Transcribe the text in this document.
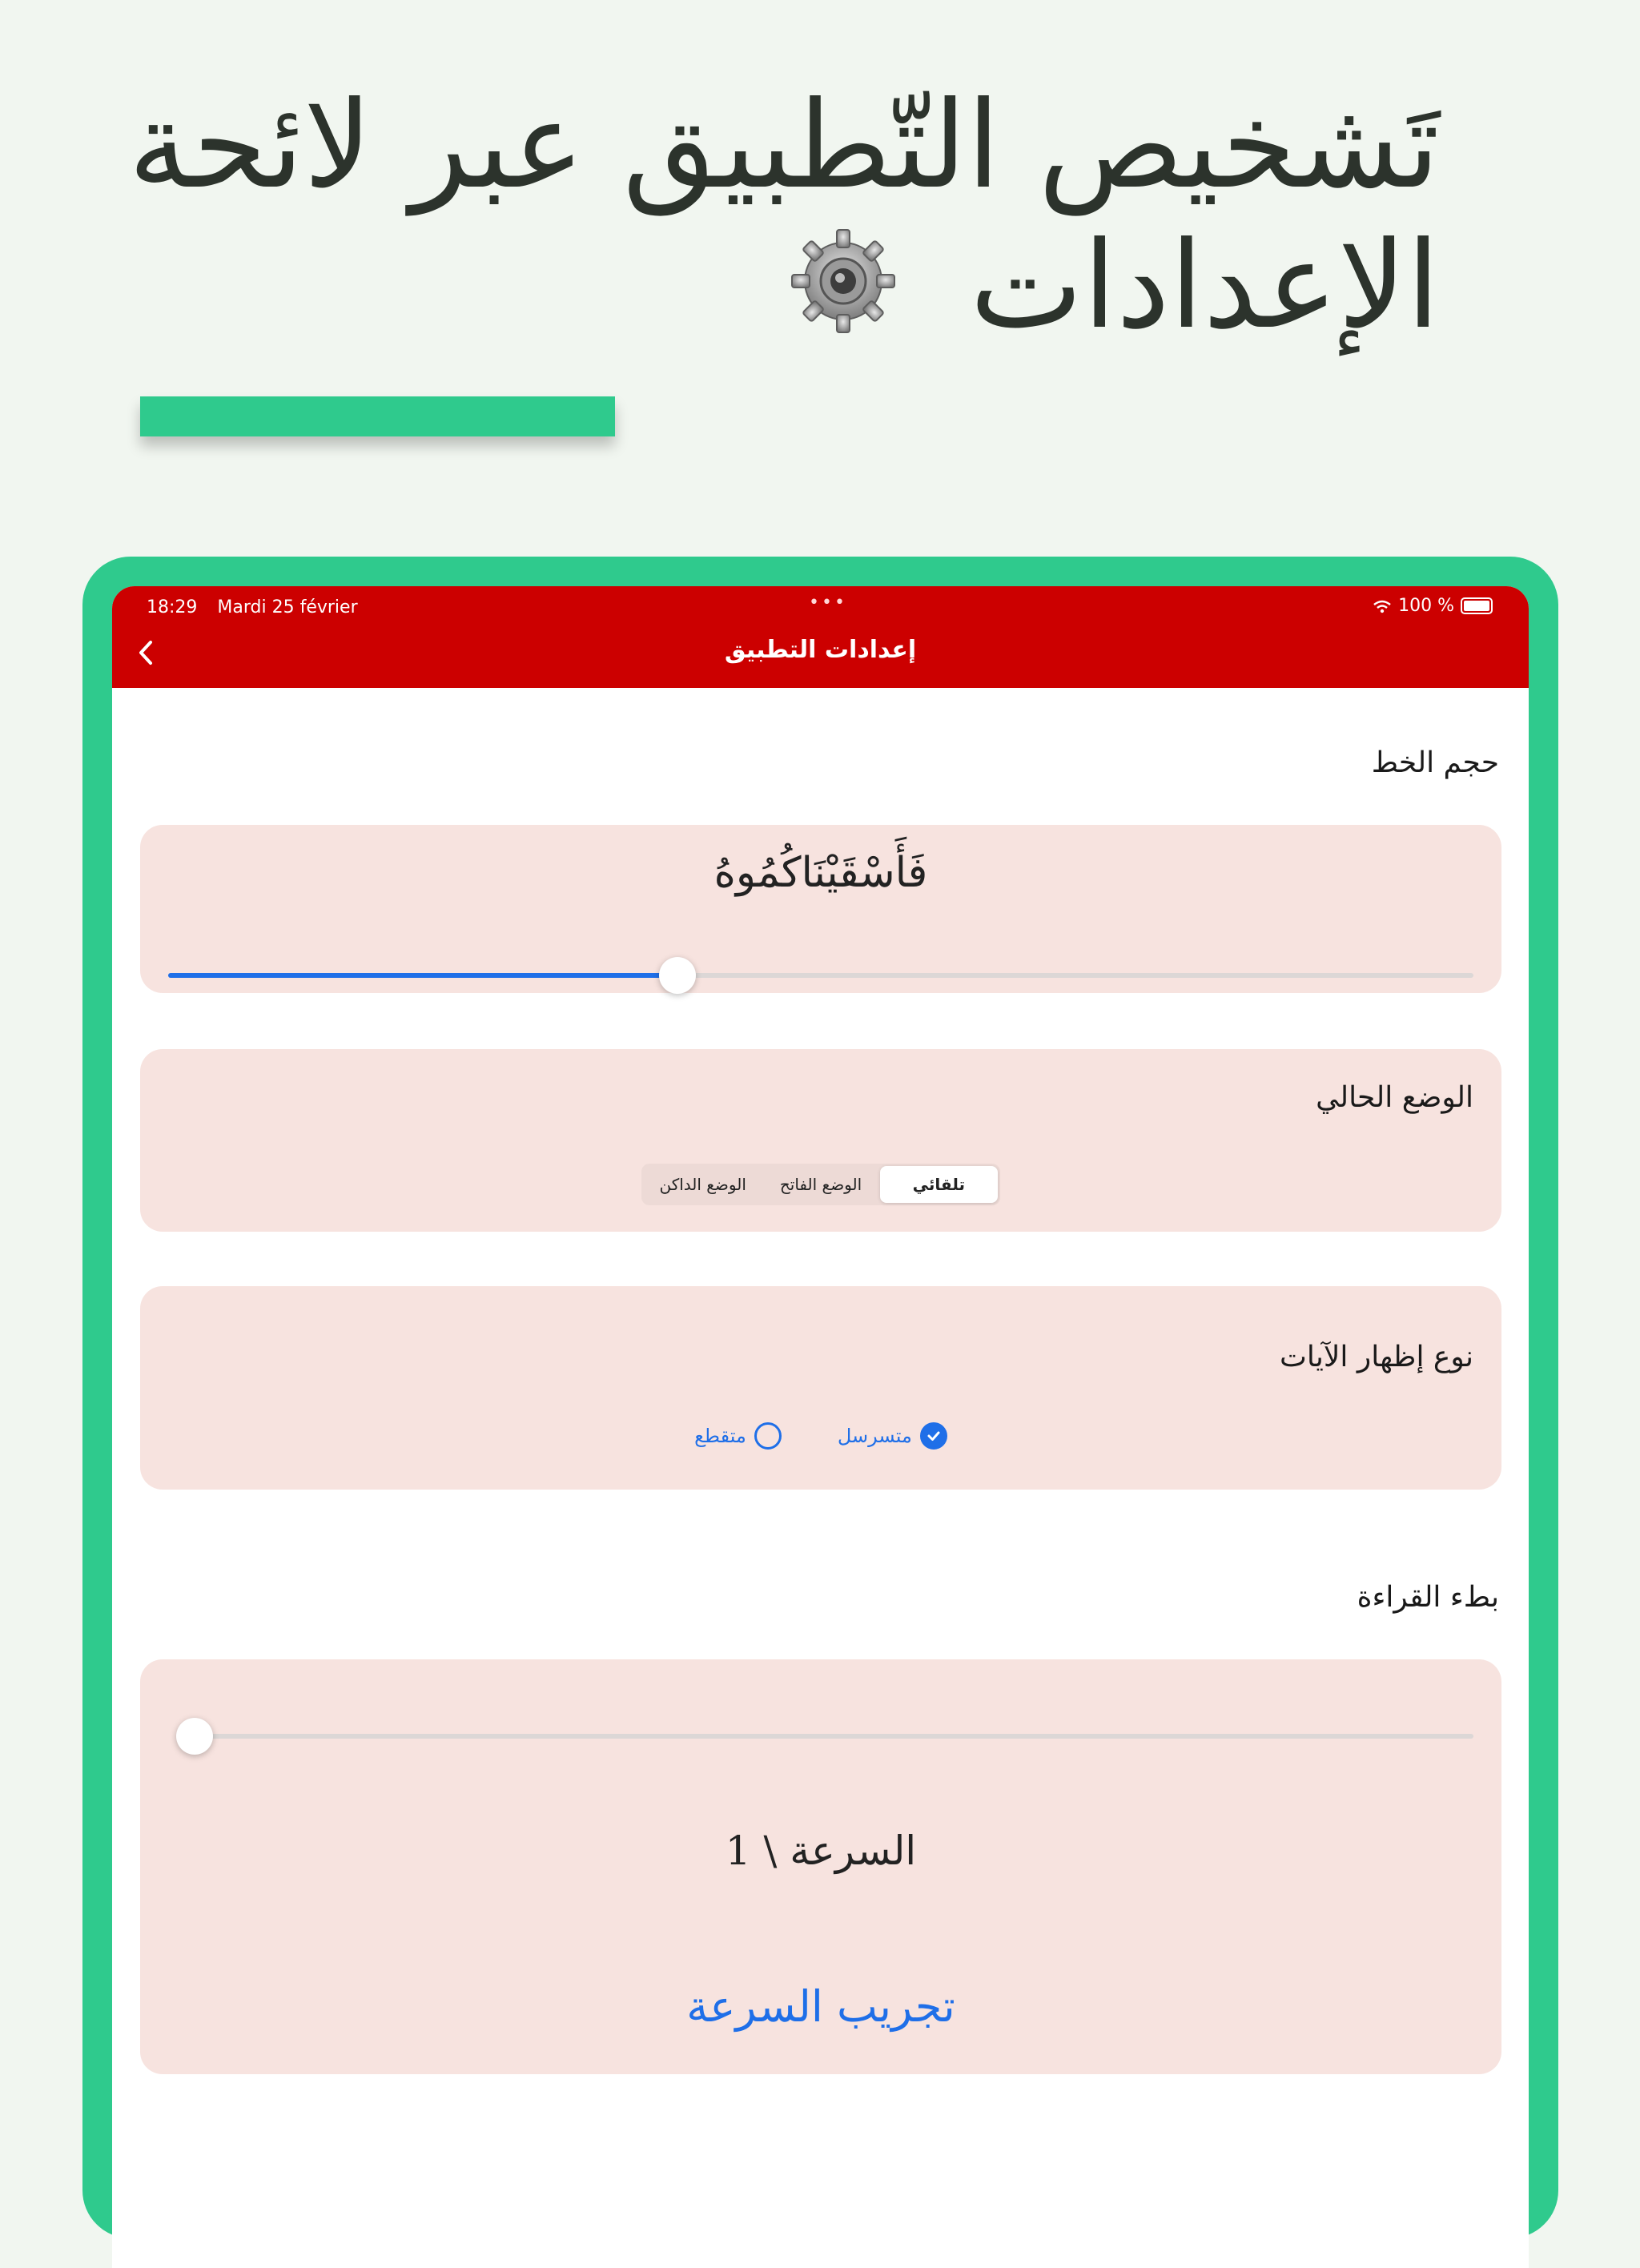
تَشخيص التّطبيق عبر لائحة الإعدادات
18:29 Mardi 25 février	•••	100 %
إعدادات التطبيق
حجم الخط
فَأَسْقَيْنَاكُمُوهُ
الوضع الحالي
تلقائي
الوضع الفاتح
الوضع الداكن
نوع إظهار الآيات
متسرسل
متقطع
بطء القراءة
السرعة \ 1
تجريب السرعة
